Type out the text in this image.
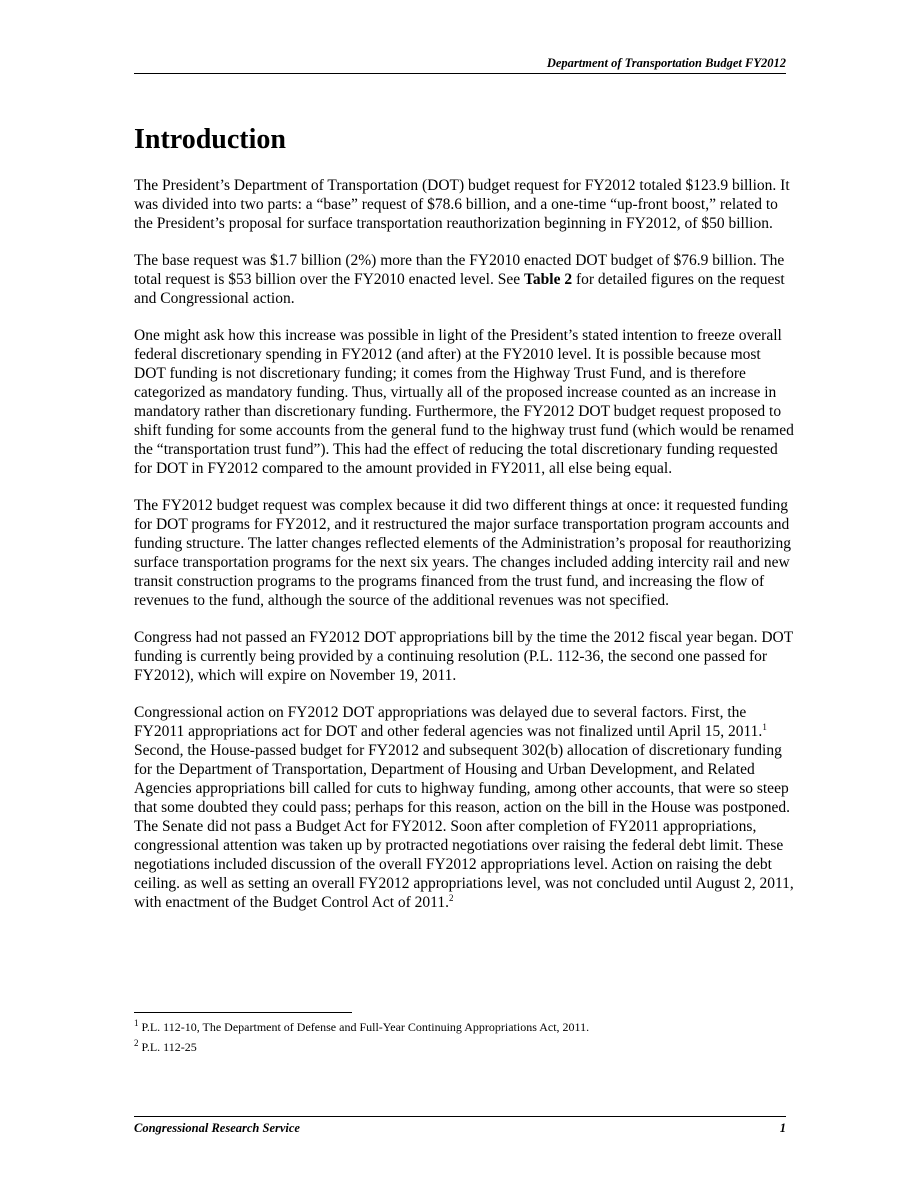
Department of Transportation Budget FY2012
Introduction

The President’s Department of Transportation (DOT) budget request for FY2012 totaled $123.9 billion. It was divided into two parts: a “base” request of $78.6 billion, and a one-time “up-front boost,” related to the President’s proposal for surface transportation reauthorization beginning in FY2012, of $50 billion.

The base request was $1.7 billion (2%) more than the FY2010 enacted DOT budget of $76.9 billion. The total request is $53 billion over the FY2010 enacted level. See Table 2 for detailed figures on the request and Congressional action.

One might ask how this increase was possible in light of the President’s stated intention to freeze overall federal discretionary spending in FY2012 (and after) at the FY2010 level. It is possible because most DOT funding is not discretionary funding; it comes from the Highway Trust Fund, and is therefore categorized as mandatory funding. Thus, virtually all of the proposed increase counted as an increase in mandatory rather than discretionary funding. Furthermore, the FY2012 DOT budget request proposed to shift funding for some accounts from the general fund to the highway trust fund (which would be renamed the “transportation trust fund”). This had the effect of reducing the total discretionary funding requested for DOT in FY2012 compared to the amount provided in FY2011, all else being equal.

The FY2012 budget request was complex because it did two different things at once: it requested funding for DOT programs for FY2012, and it restructured the major surface transportation program accounts and funding structure. The latter changes reflected elements of the Administration’s proposal for reauthorizing surface transportation programs for the next six years. The changes included adding intercity rail and new transit construction programs to the programs financed from the trust fund, and increasing the flow of revenues to the fund, although the source of the additional revenues was not specified.

Congress had not passed an FY2012 DOT appropriations bill by the time the 2012 fiscal year began. DOT funding is currently being provided by a continuing resolution (P.L. 112-36, the second one passed for FY2012), which will expire on November 19, 2011.

Congressional action on FY2012 DOT appropriations was delayed due to several factors. First, the FY2011 appropriations act for DOT and other federal agencies was not finalized until April 15, 2011.$^1$ Second, the House-passed budget for FY2012 and subsequent 302(b) allocation of discretionary funding for the Department of Transportation, Department of Housing and Urban Development, and Related Agencies appropriations bill called for cuts to highway funding, among other accounts, that were so steep that some doubted they could pass; perhaps for this reason, action on the bill in the House was postponed. The Senate did not pass a Budget Act for FY2012. Soon after completion of FY2011 appropriations, congressional attention was taken up by protracted negotiations over raising the federal debt limit. These negotiations included discussion of the overall FY2012 appropriations level. Action on raising the debt ceiling. as well as setting an overall FY2012 appropriations level, was not concluded until August 2, 2011, with enactment of the Budget Control Act of 2011.$^2$

$^1$ P.L. 112-10, The Department of Defense and Full-Year Continuing Appropriations Act, 2011.
$^2$ P.L. 112-25
Congressional Research Service	1
